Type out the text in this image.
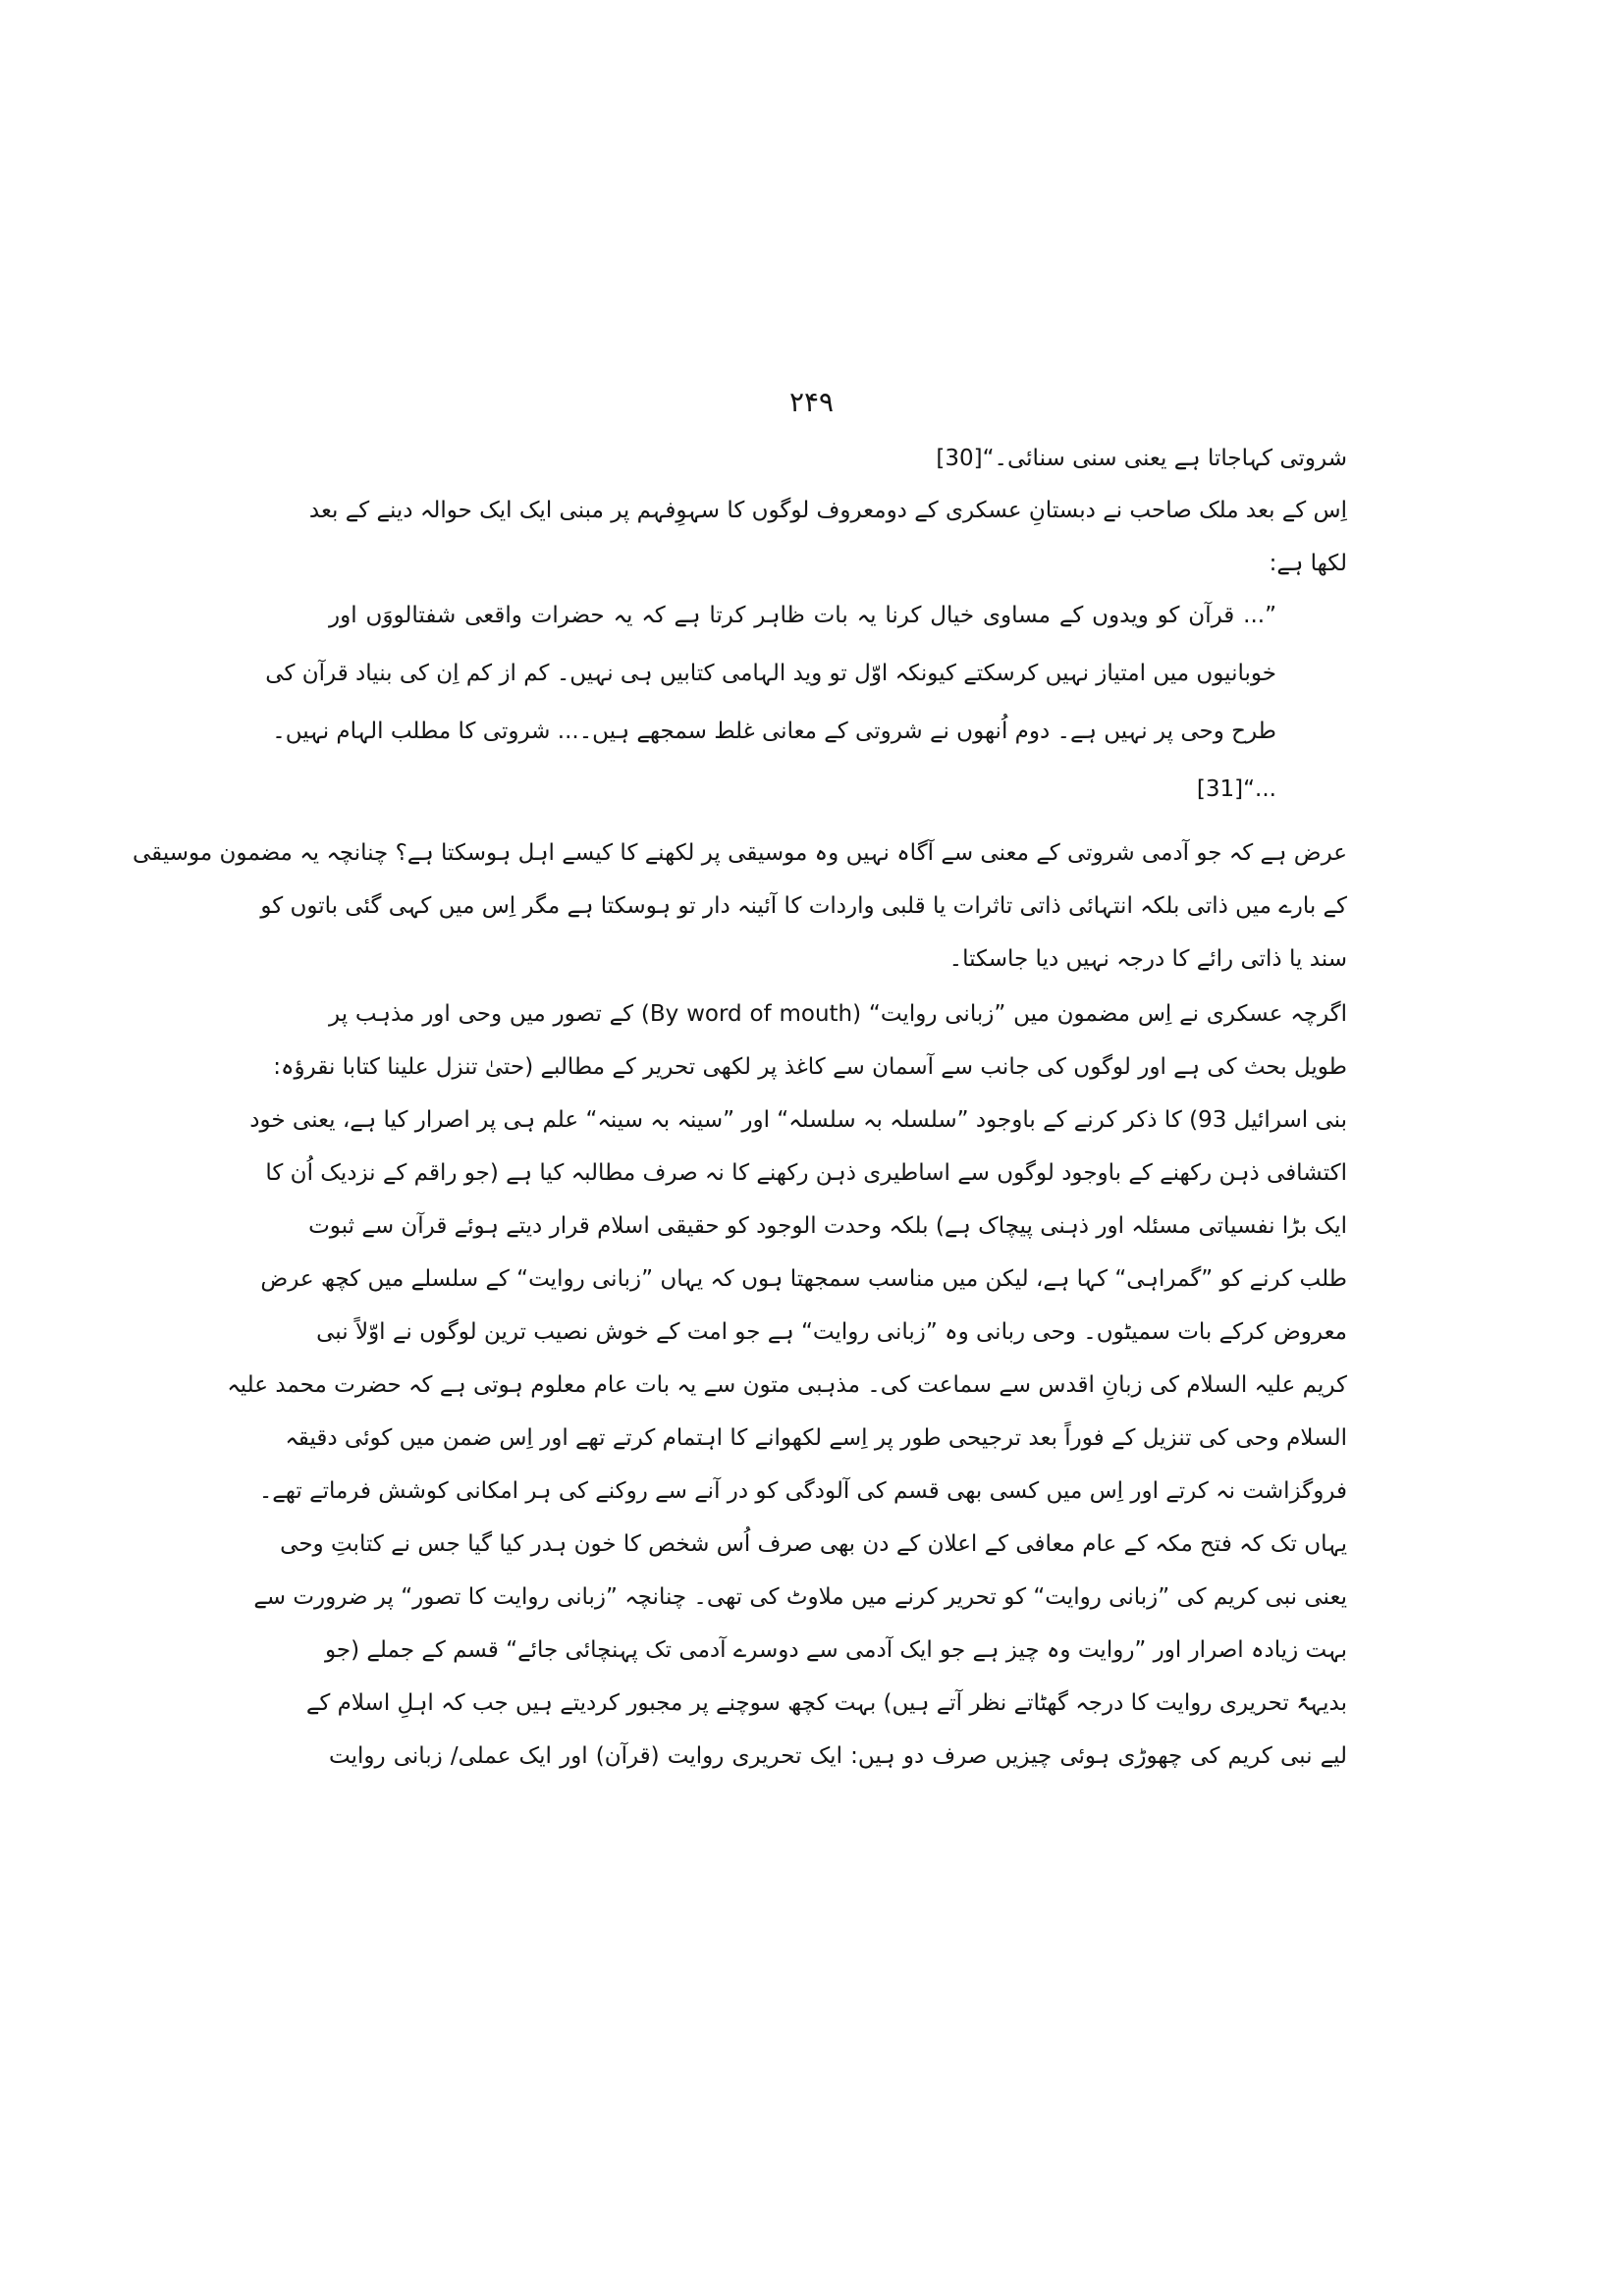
۲۴۹
شروتی کہاجاتا ہے یعنی سنی سنائی۔“[30]
اِس کے بعد ملک صاحب نے دبستانِ عسکری کے دومعروف لوگوں کا سہوِفہم پر مبنی ایک ایک حوالہ دینے کے بعد
لکھا ہے:
”... قرآن کو ویدوں کے مساوی خیال کرنا یہ بات ظاہر کرتا ہے کہ یہ حضرات واقعی شفتالووَں اور
خوبانیوں میں امتیاز نہیں کرسکتے کیونکہ اوّل تو وید الہامی کتابیں ہی نہیں۔ کم از کم اِن کی بنیاد قرآن کی
طرح وحی پر نہیں ہے۔ دوم اُنھوں نے شروتی کے معانی غلط سمجھے ہیں۔... شروتی کا مطلب الہام نہیں۔
...“[31]
عرض ہے کہ جو آدمی شروتی کے معنی سے آگاہ نہیں وہ موسیقی پر لکھنے کا کیسے اہل ہوسکتا ہے؟ چنانچہ یہ مضمون موسیقی
کے بارے میں ذاتی بلکہ انتہائی ذاتی تاثرات یا قلبی واردات کا آئینہ دار تو ہوسکتا ہے مگر اِس میں کہی گئی باتوں کو
سند یا ذاتی رائے کا درجہ نہیں دیا جاسکتا۔
اگرچہ عسکری نے اِس مضمون میں ”زبانی روایت“ (By word of mouth) کے تصور میں وحی اور مذہب پر
طویل بحث کی ہے اور لوگوں کی جانب سے آسمان سے کاغذ پر لکھی تحریر کے مطالبے (حتیٰ تنزل علینا کتابا نقرؤہ:
بنی اسرائیل 93) کا ذکر کرنے کے باوجود ”سلسلہ بہ سلسلہ“ اور ”سینہ بہ سینہ“ علم ہی پر اصرار کیا ہے، یعنی خود
اکتشافی ذہن رکھنے کے باوجود لوگوں سے اساطیری ذہن رکھنے کا نہ صرف مطالبہ کیا ہے (جو راقم کے نزدیک اُن کا
ایک بڑا نفسیاتی مسئلہ اور ذہنی پیچاک ہے) بلکہ وحدت الوجود کو حقیقی اسلام قرار دیتے ہوئے قرآن سے ثبوت
طلب کرنے کو ”گمراہی“ کہا ہے، لیکن میں مناسب سمجھتا ہوں کہ یہاں ”زبانی روایت“ کے سلسلے میں کچھ عرض
معروض کرکے بات سمیٹوں۔ وحی ربانی وہ ”زبانی روایت“ ہے جو امت کے خوش نصیب ترین لوگوں نے اوّلاً نبی
کریم علیہ السلام کی زبانِ اقدس سے سماعت کی۔ مذہبی متون سے یہ بات عام معلوم ہوتی ہے کہ حضرت محمد علیہ
السلام وحی کی تنزیل کے فوراً بعد ترجیحی طور پر اِسے لکھوانے کا اہتمام کرتے تھے اور اِس ضمن میں کوئی دقیقہ
فروگزاشت نہ کرتے اور اِس میں کسی بھی قسم کی آلودگی کو در آنے سے روکنے کی ہر امکانی کوشش فرماتے تھے۔
یہاں تک کہ فتح مکہ کے عام معافی کے اعلان کے دن بھی صرف اُس شخص کا خون ہدر کیا گیا جس نے کتابتِ وحی
یعنی نبی کریم کی ”زبانی روایت“ کو تحریر کرنے میں ملاوٹ کی تھی۔ چنانچہ ”زبانی روایت کا تصور“ پر ضرورت سے
بہت زیادہ اصرار اور ”روایت وہ چیز ہے جو ایک آدمی سے دوسرے آدمی تک پہنچائی جائے“ قسم کے جملے (جو
بدیہۃً تحریری روایت کا درجہ گھٹاتے نظر آتے ہیں) بہت کچھ سوچنے پر مجبور کردیتے ہیں جب کہ اہلِ اسلام کے
لیے نبی کریم کی چھوڑی ہوئی چیزیں صرف دو ہیں: ایک تحریری روایت (قرآن) اور ایک عملی/ زبانی روایت
